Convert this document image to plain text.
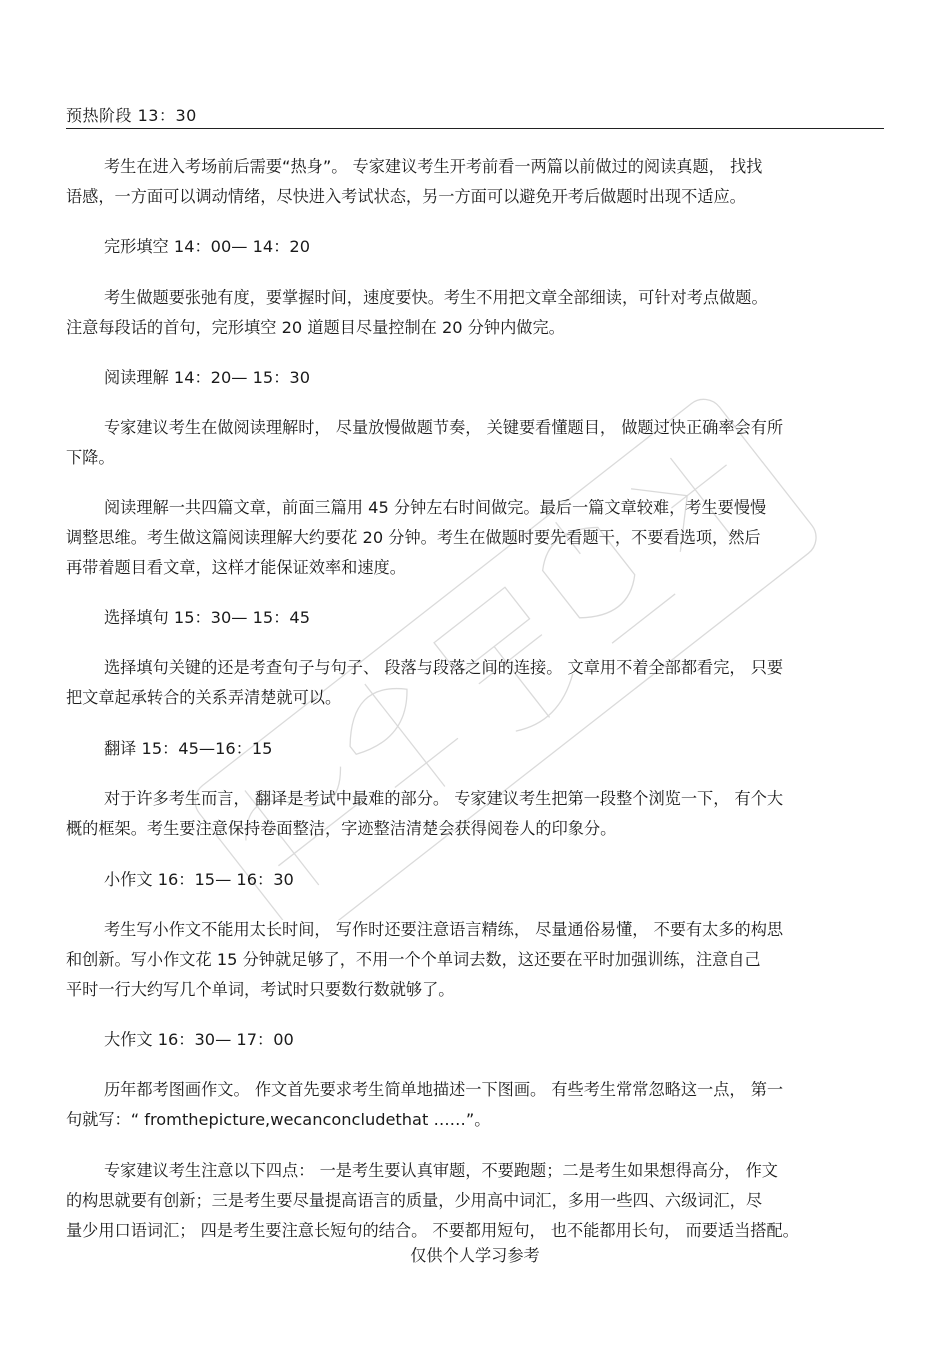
预热阶段 13：30
考生在进入考场前后需要“热身”。 专家建议考生开考前看一两篇以前做过的阅读真题， 找找
语感，一方面可以调动情绪，尽快进入考试状态，另一方面可以避免开考后做题时出现不适应。
完形填空 14：00— 14：20
考生做题要张弛有度，要掌握时间，速度要快。考生不用把文章全部细读，可针对考点做题。
注意每段话的首句，完形填空 20 道题目尽量控制在 20 分钟内做完。
阅读理解 14：20— 15：30
专家建议考生在做阅读理解时， 尽量放慢做题节奏， 关键要看懂题目， 做题过快正确率会有所
下降。
阅读理解一共四篇文章，前面三篇用 45 分钟左右时间做完。最后一篇文章较难，考生要慢慢
调整思维。考生做这篇阅读理解大约要花 20 分钟。考生在做题时要先看题干，不要看选项，然后
再带着题目看文章，这样才能保证效率和速度。
选择填句 15：30— 15：45
选择填句关键的还是考查句子与句子、 段落与段落之间的连接。 文章用不着全部都看完， 只要
把文章起承转合的关系弄清楚就可以。
翻译 15：45—16：15
对于许多考生而言， 翻译是考试中最难的部分。 专家建议考生把第一段整个浏览一下， 有个大
概的框架。考生要注意保持卷面整洁，字迹整洁清楚会获得阅卷人的印象分。
小作文 16：15— 16：30
考生写小作文不能用太长时间， 写作时还要注意语言精练， 尽量通俗易懂， 不要有太多的构思
和创新。写小作文花 15 分钟就足够了，不用一个个单词去数，这还要在平时加强训练，注意自己
平时一行大约写几个单词，考试时只要数行数就够了。
大作文 16：30— 17：00
历年都考图画作文。 作文首先要求考生简单地描述一下图画。 有些考生常常忽略这一点， 第一
句就写：“ fromthepicture,wecanconcludethat ……”。
专家建议考生注意以下四点： 一是考生要认真审题，不要跑题；二是考生如果想得高分， 作文
的构思就要有创新；三是考生要尽量提高语言的质量，少用高中词汇，多用一些四、六级词汇，尽
量少用口语词汇； 四是考生要注意长短句的结合。 不要都用短句， 也不能都用长句， 而要适当搭配。
仅供个人学习参考
